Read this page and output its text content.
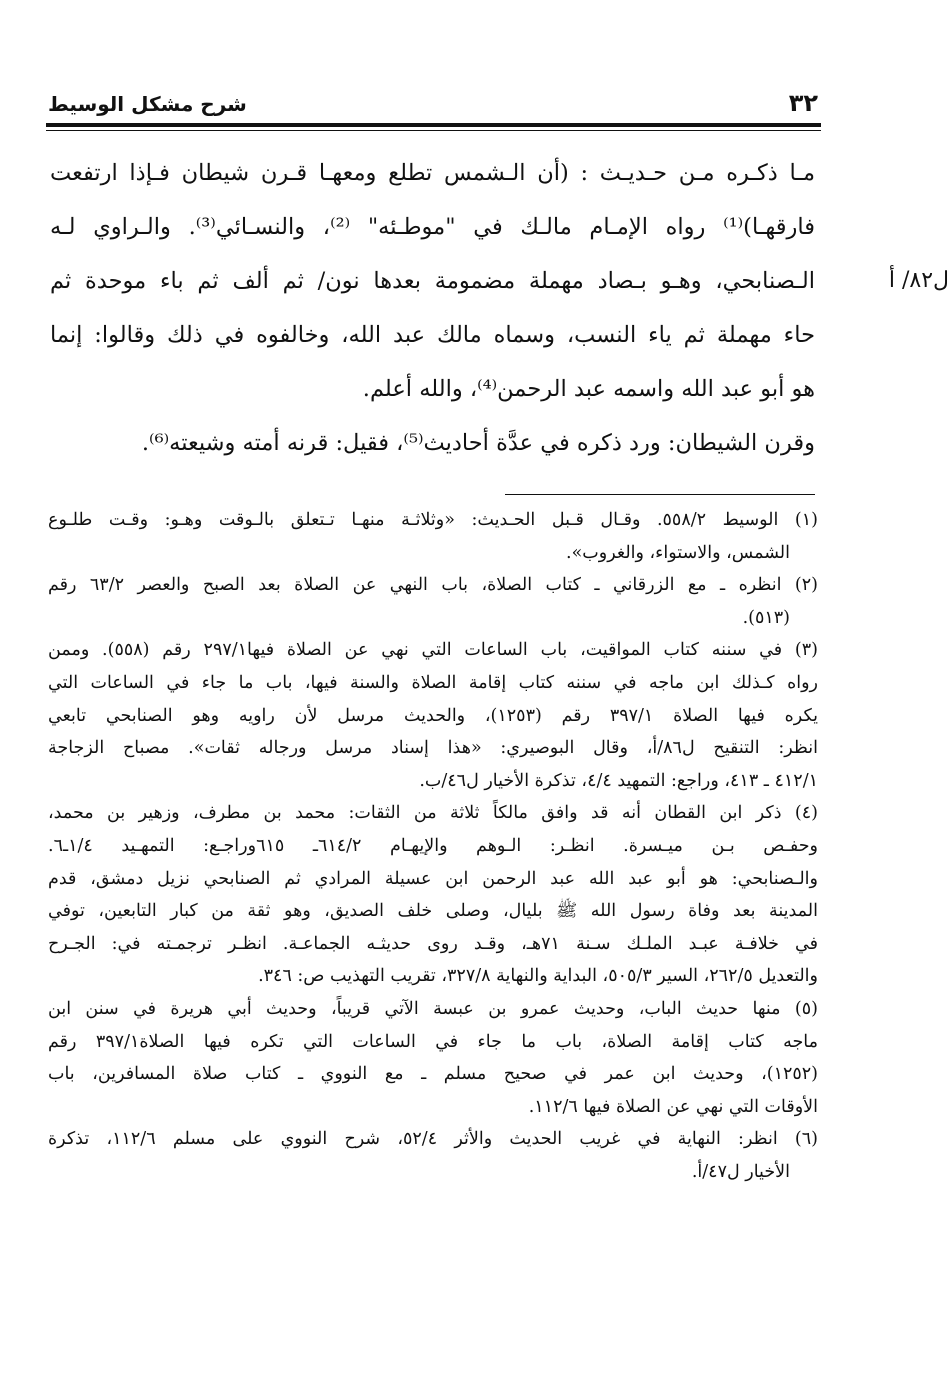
٣٢
شرح مشكل الوسيط
ل٨٢/ أ
مـا ذكـره مـن حـديـث : (أن الـشمس تطلع ومعهـا قـرن شيطان فـإذا ارتفعت
فارقهـا)⁽¹⁾ رواه الإمـام مالـك في "موطـئه" ⁽²⁾، والنسـائي⁽³⁾. والـراوي لـه
الـصنابحي، وهـو بـصاد مهملة مضمومة بعدها نون/ ثم ألف ثم باء موحدة ثم
حاء مهملة ثم ياء النسب، وسماه مالك عبد الله، وخالفوه في ذلك وقالوا: إنما
هو أبو عبد الله واسمه عبد الرحمن⁽⁴⁾، والله أعلم.
وقرن الشيطان: ورد ذكره في عدَّة أحاديث⁽⁵⁾، فقيل: قرنه أمته وشيعته⁽⁶⁾.
(١) الوسيط ٥٥٨/٢. وقـال قـبل الحـديث: «وثلاثـة منهـا تـتعلق بالـوقت وهـو: وقـت طلـوع
الشمس، والاستواء، والغروب».
(٢) انظره ـ مع الزرقاني ـ كتاب الصلاة، باب النهي عن الصلاة بعد الصبح والعصر ٦٣/٢ رقم
(٥١٣).
(٣) في سننه كتاب المواقيت، باب الساعات التي نهي عن الصلاة فيها٢٩٧/١ رقم (٥٥٨). وممن
رواه كـذلك ابن ماجه في سننه كتاب إقامة الصلاة والسنة فيها، باب ما جاء في الساعات التي
يكره فيها الصلاة ٣٩٧/١ رقم (١٢٥٣)، والحديث مرسل لأن راويه وهو الصنابحي تابعي
انظر: التنقيح ل٨٦/أ، وقال البوصيري: «هذا إسناد مرسل ورجاله ثقات». مصباح الزجاجة
٤١٢/١ ـ ٤١٣، وراجع: التمهيد ٤/٤، تذكرة الأخيار ل٤٦/ب.
(٤) ذكر ابن القطان أنه قد وافق مالكاً ثلاثة من الثقات: محمد بن مطرف، وزهير بن محمد،
وحفـص بـن ميـسرة. انظـر: الـوهم والإيهـام ٦١٤/٢ـ ٦١٥وراجـع: التمهـيد ١/٤ـ٦.
والـصنابحي: هو أبو عبد الله عبد الرحمن ابن عسيلة المرادي ثم الصنابحي نزيل دمشق، قدم
المدينة بعد وفاة رسول الله ﷺ بليال، وصلى خلف الصديق، وهو ثقة من كبار التابعين، توفي
في خلافـة عبـد الملـك سـنة ٧١هـ، وقـد روى حديثـه الجماعـة. انظـر ترجمـته في: الجـرح
والتعديل ٢٦٢/٥، السير ٥٠٥/٣، البداية والنهاية ٣٢٧/٨، تقريب التهذيب ص: ٣٤٦.
(٥) منها حديث الباب، وحديث عمرو بن عبسة الآتي قريباً، وحديث أبي هريرة في سنن ابن
ماجه كتاب إقامة الصلاة، باب ما جاء في الساعات التي تكره فيها الصلاة٣٩٧/١ رقم
(١٢٥٢)، وحديث ابن عمر في صحيح مسلم ـ مع النووي ـ كتاب صلاة المسافرين، باب
الأوقات التي نهي عن الصلاة فيها ١١٢/٦.
(٦) انظر: النهاية في غريب الحديث والأثر ٥٢/٤، شرح النووي على مسلم ١١٢/٦، تذكرة
الأخيار ل٤٧/أ.
